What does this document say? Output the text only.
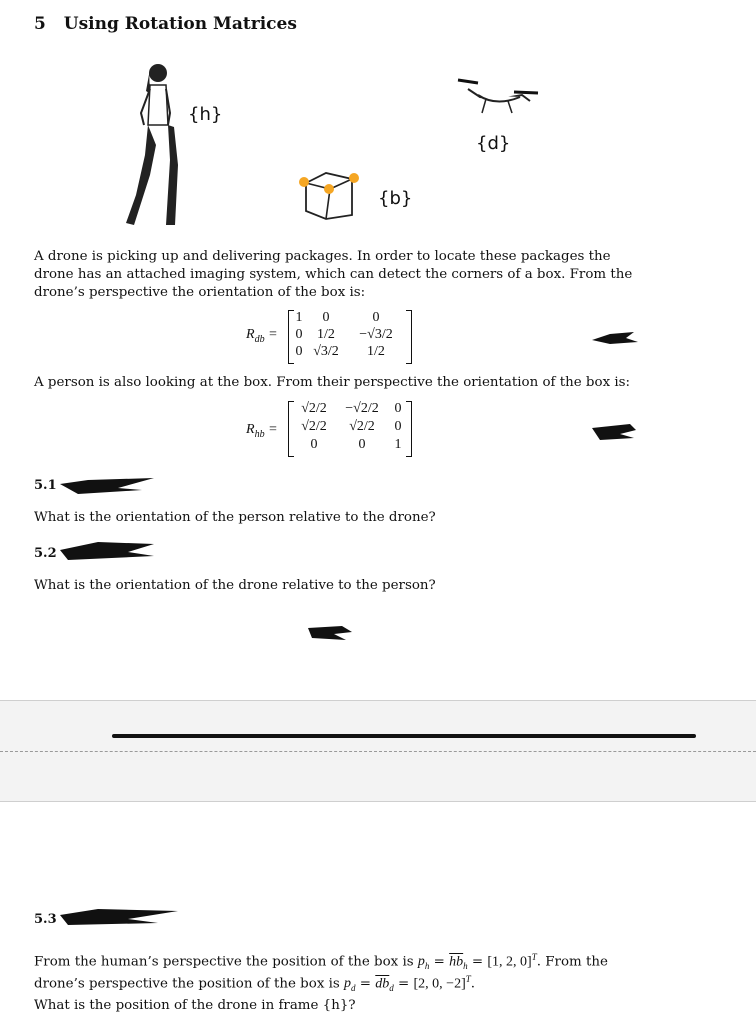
5 Using Rotation Matrices
{h}
{d}
{b}
A drone is picking up and delivering packages. In order to locate these packages the drone has an attached imaging system, which can detect the corners of a box. From the drone’s perspective the orientation of the box is:
$R_{db}$ =
1 0	0
0 1/2 −√3/2
0 √3/2 1/2
A person is also looking at the box. From their perspective the orientation of the box is:
$R_{hb}$ =
√2/2 −√2/2 0
√2/2 √2/2 0
0	0 1
5.1
What is the orientation of the person relative to the drone?
5.2
What is the orientation of the drone relative to the person?
5.3
From the human’s perspective the position of the box is $p_h = \overline{hb}_h = [1$, 2, 0]$^T$. From the
drone’s perspective the position of the box is $p_d = \overline{db}_d = [2$, 0, −2]$^T$.
What is the position of the drone in frame {h}?
